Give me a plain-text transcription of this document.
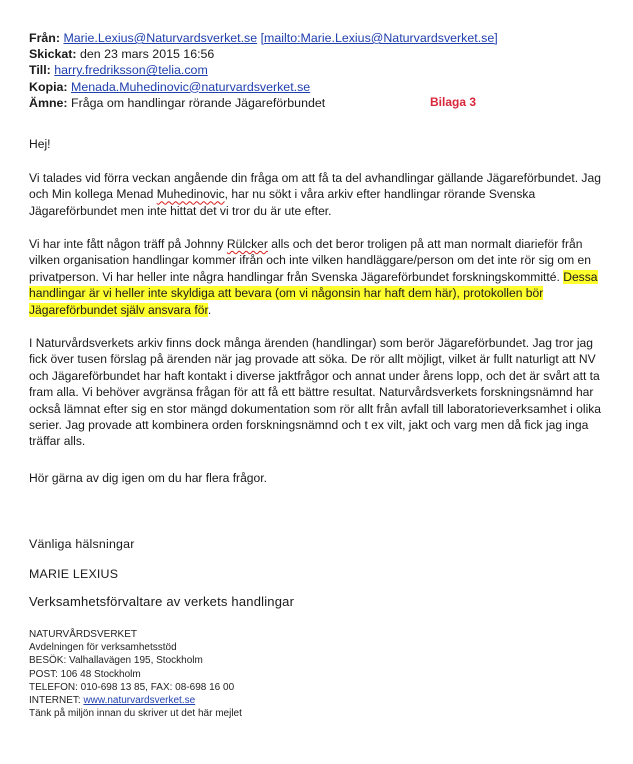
Från: Marie.Lexius@Naturvardsverket.se [mailto:Marie.Lexius@Naturvardsverket.se]
Skickat: den 23 mars 2015 16:56
Till: harry.fredriksson@telia.com
Kopia: Menada.Muhedinovic@naturvardsverket.se
Ämne: Fråga om handlingar rörande Jägareförbundet	Bilaga 3
Hej!
Vi talades vid förra veckan angående din fråga om att få ta del avhandlingar gällande Jägareförbundet. Jag och Min kollega Menad Muhedinovic, har nu sökt i våra arkiv efter handlingar rörande Svenska Jägareförbundet men inte hittat det vi tror du är ute efter.
Vi har inte fått någon träff på Johnny Rülcker alls och det beror troligen på att man normalt diarieför från vilken organisation handlingar kommer ifrån och inte vilken handläggare/person om det inte rör sig om en privatperson. Vi har heller inte några handlingar från Svenska Jägareförbundet forskningskommitté. Dessa handlingar är vi heller inte skyldiga att bevara (om vi någonsin har haft dem här), protokollen bör Jägareförbundet själv ansvara för.
I Naturvårdsverkets arkiv finns dock många ärenden (handlingar) som berör Jägareförbundet. Jag tror jag fick över tusen förslag på ärenden när jag provade att söka. De rör allt möjligt, vilket är fullt naturligt att NV och Jägareförbundet har haft kontakt i diverse jaktfrågor och annat under årens lopp, och det är svårt att ta fram alla. Vi behöver avgränsa frågan för att få ett bättre resultat. Naturvårdsverkets forskningsnämnd har också lämnat efter sig en stor mängd dokumentation som rör allt från avfall till laboratorieverksamhet i olika serier. Jag provade att kombinera orden forskningsnämnd och t ex vilt, jakt och varg men då fick jag inga träffar alls.
Hör gärna av dig igen om du har flera frågor.
Vänliga hälsningar
MARIE LEXIUS
Verksamhetsförvaltare av verkets handlingar
NATURVÅRDSVERKET
Avdelningen för verksamhetsstöd
BESÖK: Valhallavägen 195, Stockholm
POST: 106 48 Stockholm
TELEFON: 010-698 13 85, FAX: 08-698 16 00
INTERNET: www.naturvardsverket.se
Tänk på miljön innan du skriver ut det här mejlet
